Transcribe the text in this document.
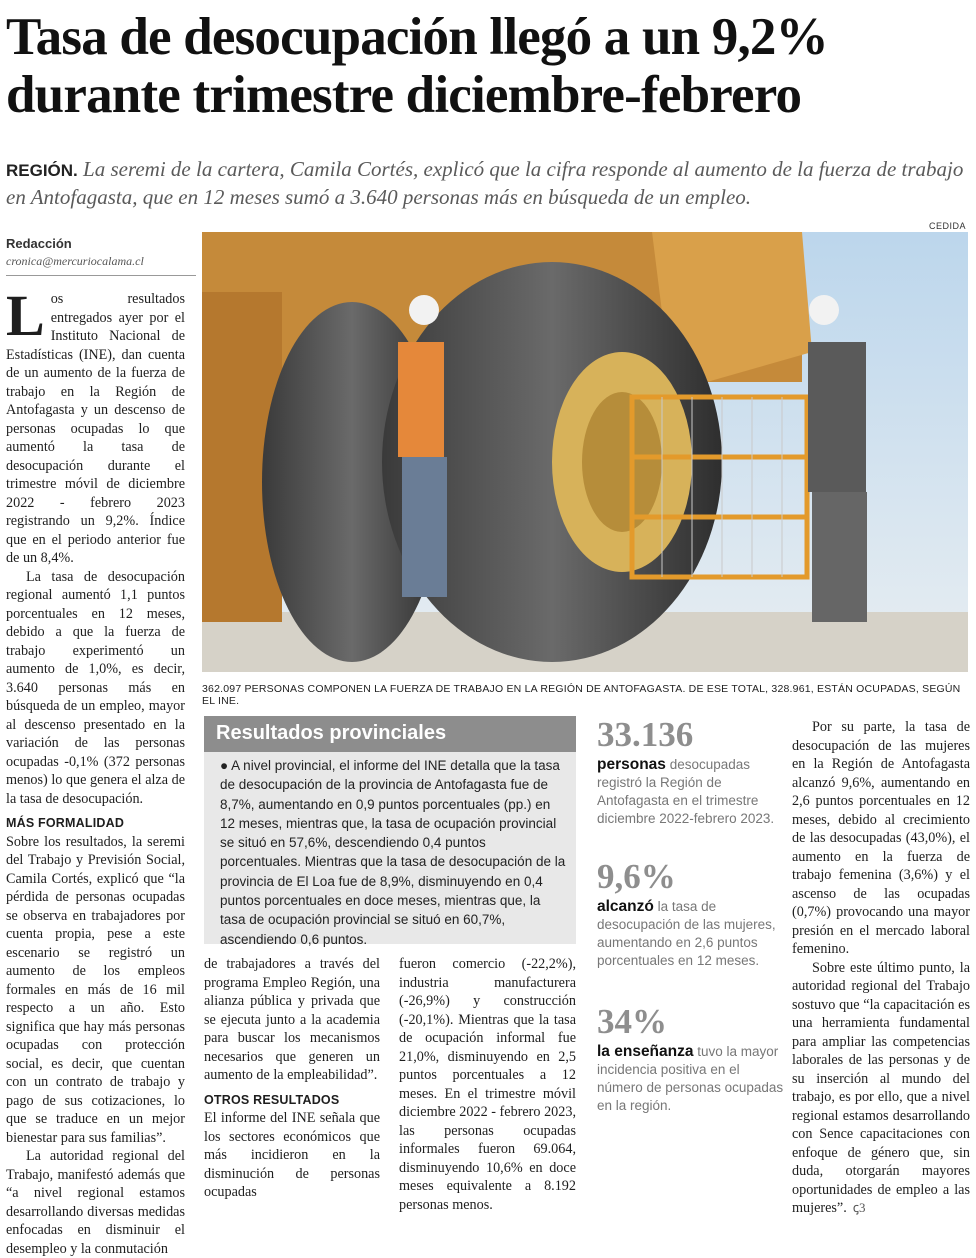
Tasa de desocupación llegó a un 9,2% durante trimestre diciembre-febrero
REGIÓN. La seremi de la cartera, Camila Cortés, explicó que la cifra responde al aumento de la fuerza de trabajo en Antofagasta, que en 12 meses sumó a 3.640 personas más en búsqueda de un empleo.
CEDIDA
Redacción
cronica@mercuriocalama.cl

Los resultados entregados ayer por el Instituto Nacional de Estadísticas (INE), dan cuenta de un aumento de la fuerza de trabajo en la Región de Antofagasta y un descenso de personas ocupadas lo que aumentó la tasa de desocupación durante el trimestre móvil de diciembre 2022 - febrero 2023 registrando un 9,2%. Índice que en el periodo anterior fue de un 8,4%.

La tasa de desocupación regional aumentó 1,1 puntos porcentuales en 12 meses, debido a que la fuerza de trabajo experimentó un aumento de 1,0%, es decir, 3.640 personas más en búsqueda de un empleo, mayor al descenso presentado en la variación de las personas ocupadas -0,1% (372 personas menos) lo que genera el alza de la tasa de desocupación.

MÁS FORMALIDAD

Sobre los resultados, la seremi del Trabajo y Previsión Social, Camila Cortés, explicó que “la pérdida de personas ocupadas se observa en trabajadores por cuenta propia, pese a este escenario se registró un aumento de los empleos formales en más de 16 mil respecto a un año. Esto significa que hay más personas ocupadas con protección social, es decir, que cuentan con un contrato de trabajo y pago de sus cotizaciones, lo que se traduce en un mejor bienestar para sus familias”.

La autoridad regional del Trabajo, manifestó además que “a nivel regional estamos desarrollando diversas medidas enfocadas en disminuir el desempleo y la conmutación

362.097 PERSONAS COMPONEN LA FUERZA DE TRABAJO EN LA REGIÓN DE ANTOFAGASTA. DE ESE TOTAL, 328.961, ESTÁN OCUPADAS, SEGÚN EL INE.
Resultados provinciales
● A nivel provincial, el informe del INE detalla que la tasa de desocupación de la provincia de Antofagasta fue de 8,7%, aumentando en 0,9 puntos porcentuales (pp.) en 12 meses, mientras que, la tasa de ocupación provincial se situó en 57,6%, descendiendo 0,4 puntos porcentuales. Mientras que la tasa de desocupación de la provincia de El Loa fue de 8,9%, disminuyendo en 0,4 puntos porcentuales en doce meses, mientras que, la tasa de ocupación provincial se situó en 60,7%, ascendiendo 0,6 puntos.

de trabajadores a través del programa Empleo Región, una alianza pública y privada que se ejecuta junto a la academia para buscar los mecanismos necesarios que generen un aumento de la empleabilidad”.

OTROS RESULTADOS

El informe del INE señala que los sectores económicos que más incidieron en la disminución de personas ocupadas

fueron comercio (-22,2%), industria manufacturera (-26,9%) y construcción (-20,1%). Mientras que la tasa de ocupación informal fue 21,0%, disminuyendo en 2,5 puntos porcentuales a 12 meses. En el trimestre móvil diciembre 2022 - febrero 2023, las personas ocupadas informales fueron 69.064, disminuyendo 10,6% en doce meses equivalente a 8.192 personas menos.

33.136
personas desocupadas registró la Región de Antofagasta en el trimestre diciembre 2022-febrero 2023.
9,6%
alcanzó la tasa de desocupación de las mujeres, aumentando en 2,6 puntos porcentuales en 12 meses.
34%
la enseñanza tuvo la mayor incidencia positiva en el número de personas ocupadas en la región.

Por su parte, la tasa de desocupación de las mujeres en la Región de Antofagasta alcanzó 9,6%, aumentando en 2,6 puntos porcentuales en 12 meses, debido al crecimiento de las desocupadas (43,0%), el aumento en la fuerza de trabajo femenina (3,6%) y el ascenso de las ocupadas (0,7%) provocando una mayor presión en el mercado laboral femenino.

Sobre este último punto, la autoridad regional del Trabajo sostuvo que “la capacitación es una herramienta fundamental para ampliar las competencias laborales de las personas y de su inserción al mundo del trabajo, es por ello, que a nivel regional estamos desarrollando con Sence capacitaciones con enfoque de género que, sin duda, otorgarán mayores oportunidades de empleo a las mujeres”. ꞔ3
